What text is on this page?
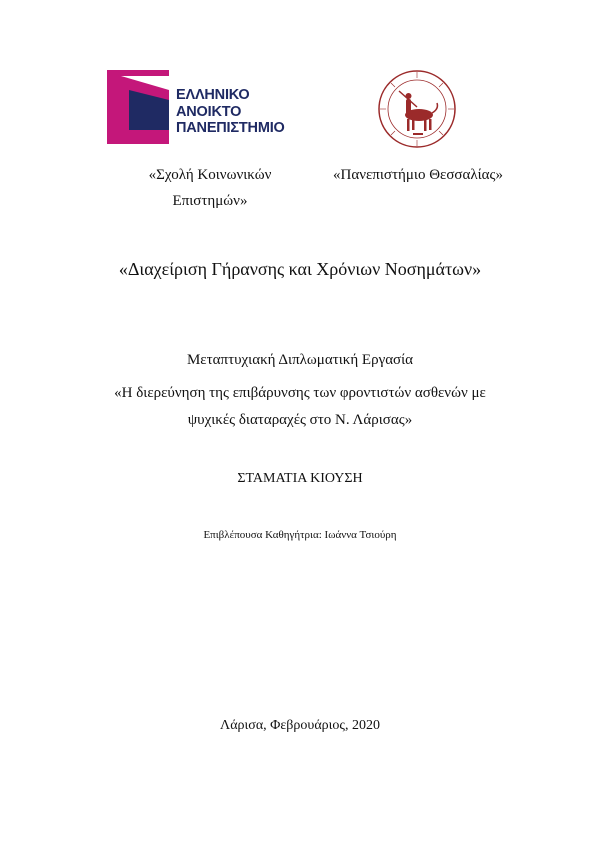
ΕΛΛΗΝΙΚΟ
ΑΝΟΙΚΤΟ
ΠΑΝΕΠΙΣΤΗΜΙΟ
«Σχολή Κοινωνικών
Επιστημών»
«Πανεπιστήμιο Θεσσαλίας»
«Διαχείριση Γήρανσης και Χρόνιων Νοσημάτων»
Μεταπτυχιακή Διπλωματική Εργασία
«Η διερεύνηση της επιβάρυνσης των φροντιστών ασθενών με
ψυχικές διαταραχές στο Ν. Λάρισας»
ΣΤΑΜΑΤΙΑ ΚΙΟΥΣΗ
Επιβλέπουσα Καθηγήτρια: Ιωάννα Τσιούρη
Λάρισα, Φεβρουάριος, 2020
